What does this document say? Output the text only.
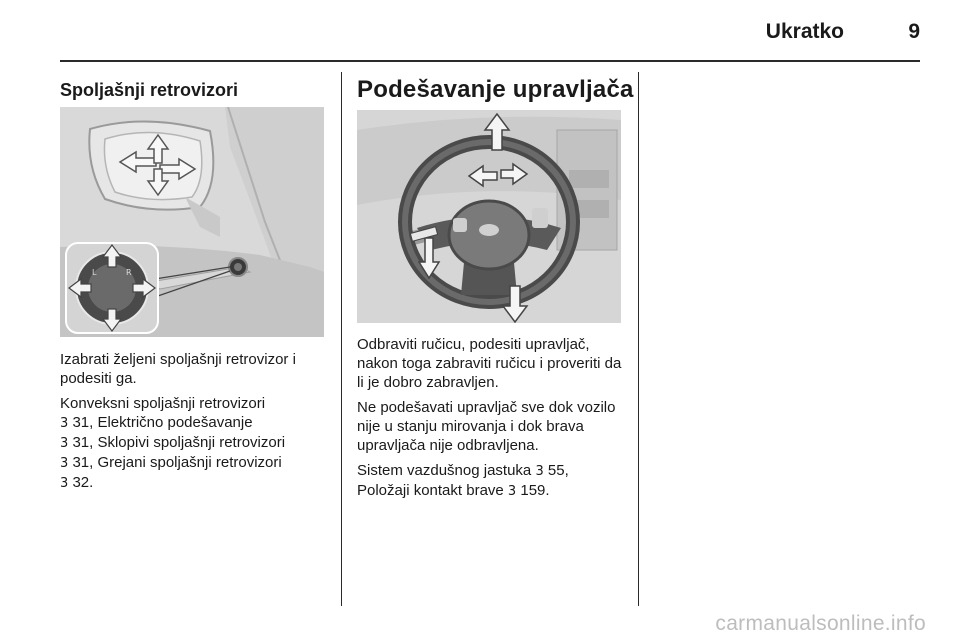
Ukratko	9
Spoljašnji retrovizori
L	R

Izabrati željeni spoljašnji retrovizor i podesiti ga.

Konveksni spoljašnji retrovizori
3 31, Električno podešavanje
3 31, Sklopivi spoljašnji retrovizori
3 31, Grejani spoljašnji retrovizori
3 32.
Podešavanje upravljača

Odbraviti ručicu, podesiti upravljač, nakon toga zabraviti ručicu i proveriti da li je dobro zabravljen.

Ne podešavati upravljač sve dok vozilo nije u stanju mirovanja i dok brava upravljača nije odbravljena.

Sistem vazdušnog jastuka 3 55,
Položaji kontakt brave 3 159.
carmanualsonline.info
